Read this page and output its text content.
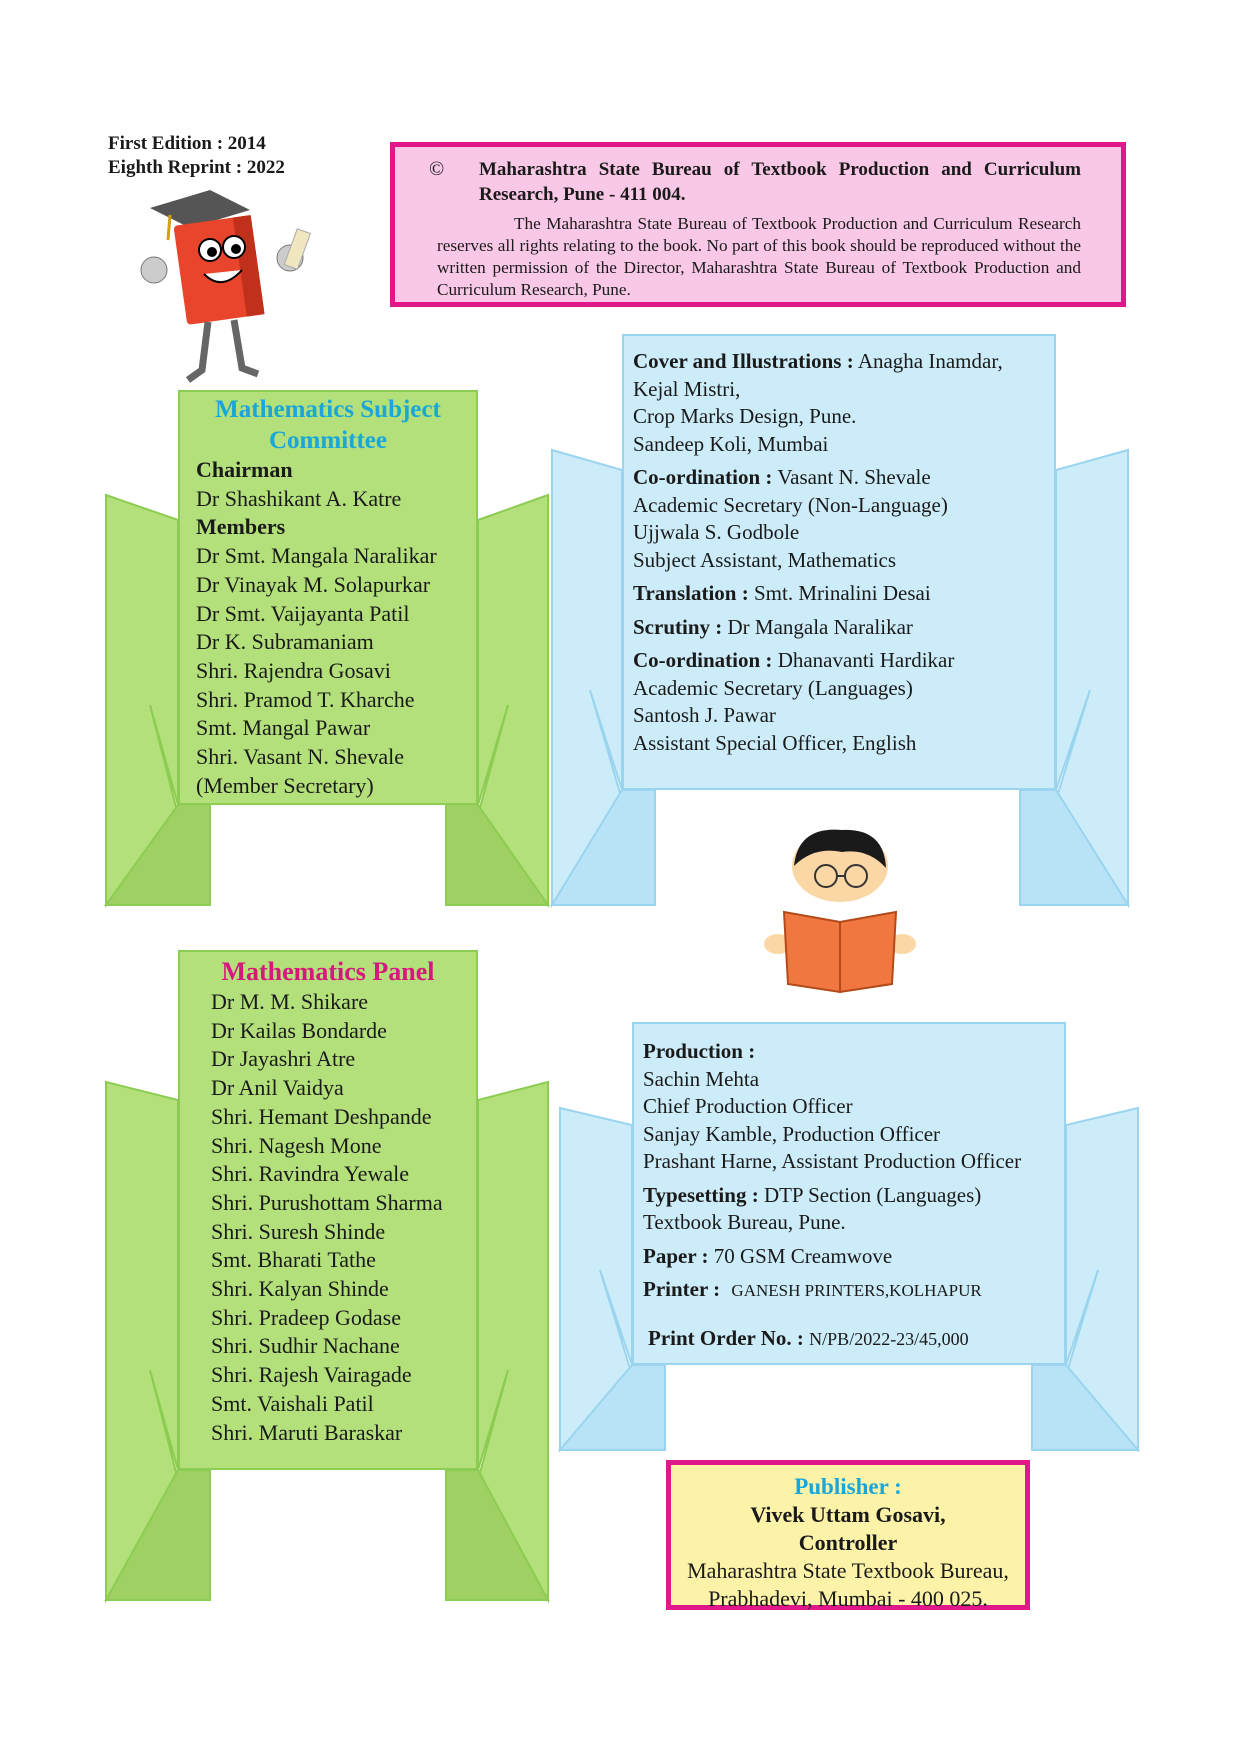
First Edition : 2014
Eighth Reprint : 2022	©	Maharashtra State Bureau of Textbook Production and Curriculum Research, Pune - 411 004.
The Maharashtra State Bureau of Textbook Production and Curriculum Research reserves all rights relating to the book. No part of this book should be reproduced without the written permission of the Director, Maharashtra State Bureau of Textbook Production and Curriculum Research, Pune.
Mathematics Subject Committee
Chairman
Dr Shashikant A. Katre
Members
Dr Smt. Mangala Naralikar
Dr Vinayak M. Solapurkar
Dr Smt. Vaijayanta Patil
Dr K. Subramaniam
Shri. Rajendra Gosavi
Shri. Pramod T. Kharche
Smt. Mangal Pawar
Shri. Vasant N. Shevale
(Member Secretary)
Cover and Illustrations : Anagha Inamdar,
Kejal Mistri,
Crop Marks Design, Pune.
Sandeep Koli, Mumbai
Co-ordination : Vasant N. Shevale
Academic Secretary (Non-Language)
Ujjwala S. Godbole
Subject Assistant, Mathematics
Translation : Smt. Mrinalini Desai
Scrutiny : Dr Mangala Naralikar
Co-ordination : Dhanavanti Hardikar
Academic Secretary (Languages)
Santosh J. Pawar
Assistant Special Officer, English
Mathematics Panel
Dr M. M. Shikare
Dr Kailas Bondarde
Dr Jayashri Atre
Dr Anil Vaidya
Shri. Hemant Deshpande
Shri. Nagesh Mone
Shri. Ravindra Yewale
Shri. Purushottam Sharma
Shri. Suresh Shinde
Smt. Bharati Tathe
Shri. Kalyan Shinde
Shri. Pradeep Godase
Shri. Sudhir Nachane
Shri. Rajesh Vairagade
Smt. Vaishali Patil
Shri. Maruti Baraskar
Production :
Sachin Mehta
Chief Production Officer
Sanjay Kamble, Production Officer
Prashant Harne, Assistant Production Officer
Typesetting : DTP Section (Languages)
Textbook Bureau, Pune.
Paper : 70 GSM Creamwove
Printer : GANESH PRINTERS,KOLHAPUR
Print Order No. : N/PB/2022-23/45,000
Publisher :
Vivek Uttam Gosavi,
Controller
Maharashtra State Textbook Bureau,
Prabhadevi, Mumbai - 400 025.
